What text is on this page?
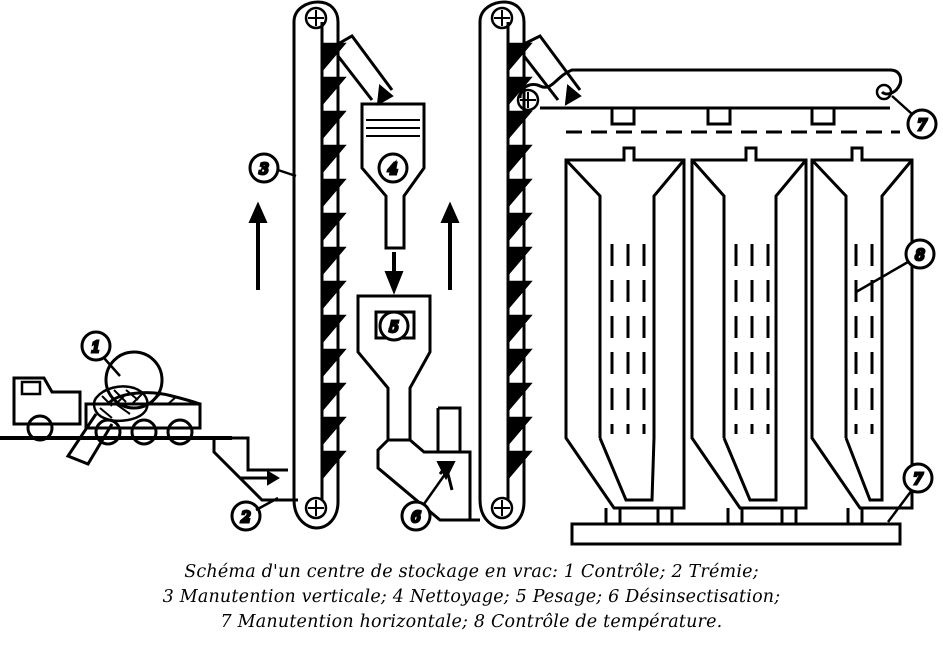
1
2
3	4
5
6
7
7
8
Schéma d'un centre de stockage en vrac: 1 Contrôle; 2 Trémie;
3 Manutention verticale; 4 Nettoyage; 5 Pesage; 6 Désinsectisation;
7 Manutention horizontale; 8 Contrôle de température.
